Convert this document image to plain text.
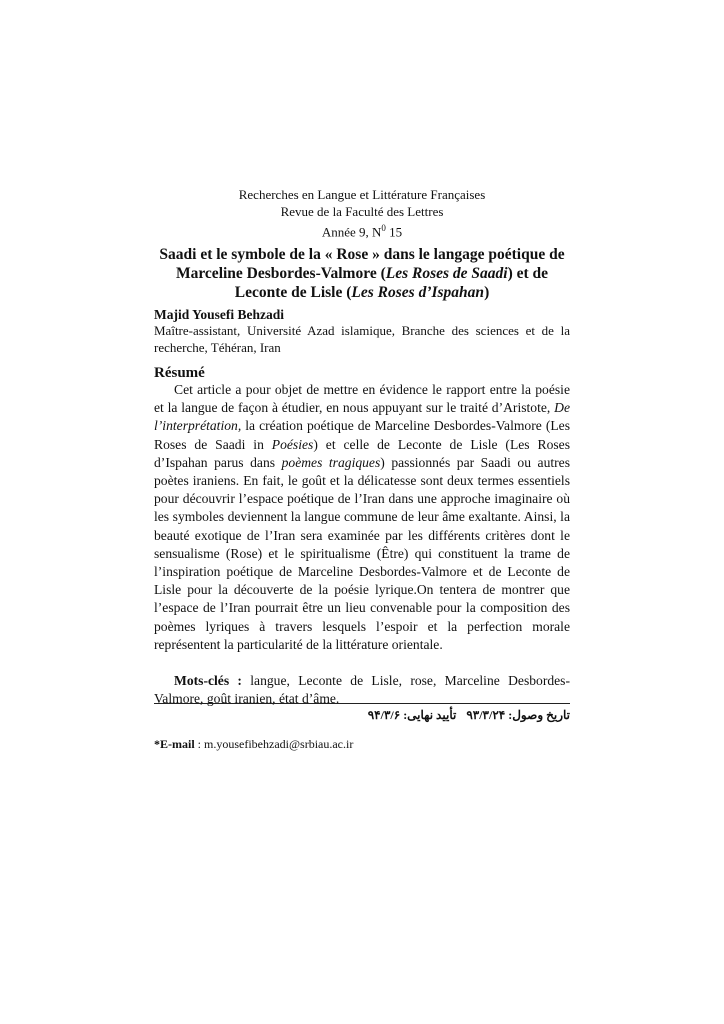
Recherches en Langue et Littérature Françaises
Revue de la Faculté des Lettres
Année 9, $N^0$ 15
Saadi et le symbole de la « Rose » dans le langage poétique de Marceline Desbordes-Valmore (Les Roses de Saadi) et de Leconte de Lisle (Les Roses d’Ispahan)
Majid Yousefi Behzadi
Maître-assistant, Université Azad islamique, Branche des sciences et de la recherche, Téhéran, Iran
Résumé
Cet article a pour objet de mettre en évidence le rapport entre la poésie et la langue de façon à étudier, en nous appuyant sur le traité d’Aristote, De l’interprétation, la création poétique de Marceline Desbordes-Valmore (Les Roses de Saadi in Poésies) et celle de Leconte de Lisle (Les Roses d’Ispahan parus dans poèmes tragiques) passionnés par Saadi ou autres poètes iraniens. En fait, le goût et la délicatesse sont deux termes essentiels pour découvrir l’espace poétique de l’Iran dans une approche imaginaire où les symboles deviennent la langue commune de leur âme exaltante. Ainsi, la beauté exotique de l’Iran sera examinée par les différents critères dont le sensualisme (Rose) et le spiritualisme (Être) qui constituent la trame de l’inspiration poétique de Marceline Desbordes-Valmore et de Leconte de Lisle pour la découverte de la poésie lyrique.On tentera de montrer que l’espace de l’Iran pourrait être un lieu convenable pour la composition des poèmes lyriques à travers lesquels l’espoir et la perfection morale représentent la particularité de la littérature orientale.
Mots-clés : langue, Leconte de Lisle, rose, Marceline Desbordes-Valmore, goût iranien, état d’âme.
تاریخ وصول: ۹۳/۳/۲۴تأیید نهایی: ۹۴/۳/۶
*E-mail : m.yousefibehzadi@srbiau.ac.ir
